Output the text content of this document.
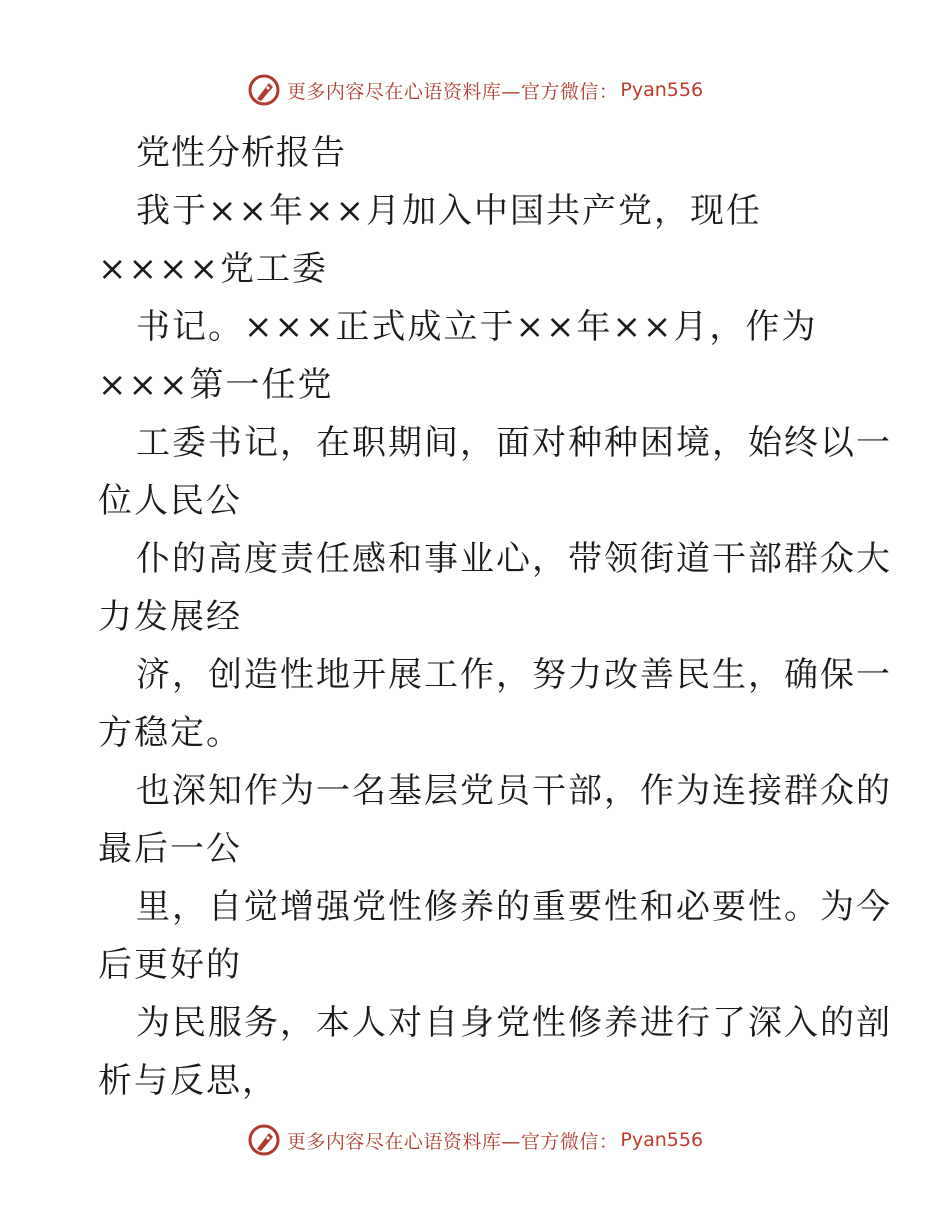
更多内容尽在心语资料库—官方微信： Pyan556
党性分析报告
我于××年××月加入中国共产党，现任
××××党工委
书记。×××正式成立于××年××月，作为
×××第一任党
工委书记，在职期间，面对种种困境，始终以一
位人民公
仆的高度责任感和事业心，带领街道干部群众大
力发展经
济，创造性地开展工作，努力改善民生，确保一
方稳定。
也深知作为一名基层党员干部，作为连接群众的
最后一公
里，自觉增强党性修养的重要性和必要性。为今
后更好的
为民服务，本人对自身党性修养进行了深入的剖
析与反思，
更多内容尽在心语资料库—官方微信： Pyan556
